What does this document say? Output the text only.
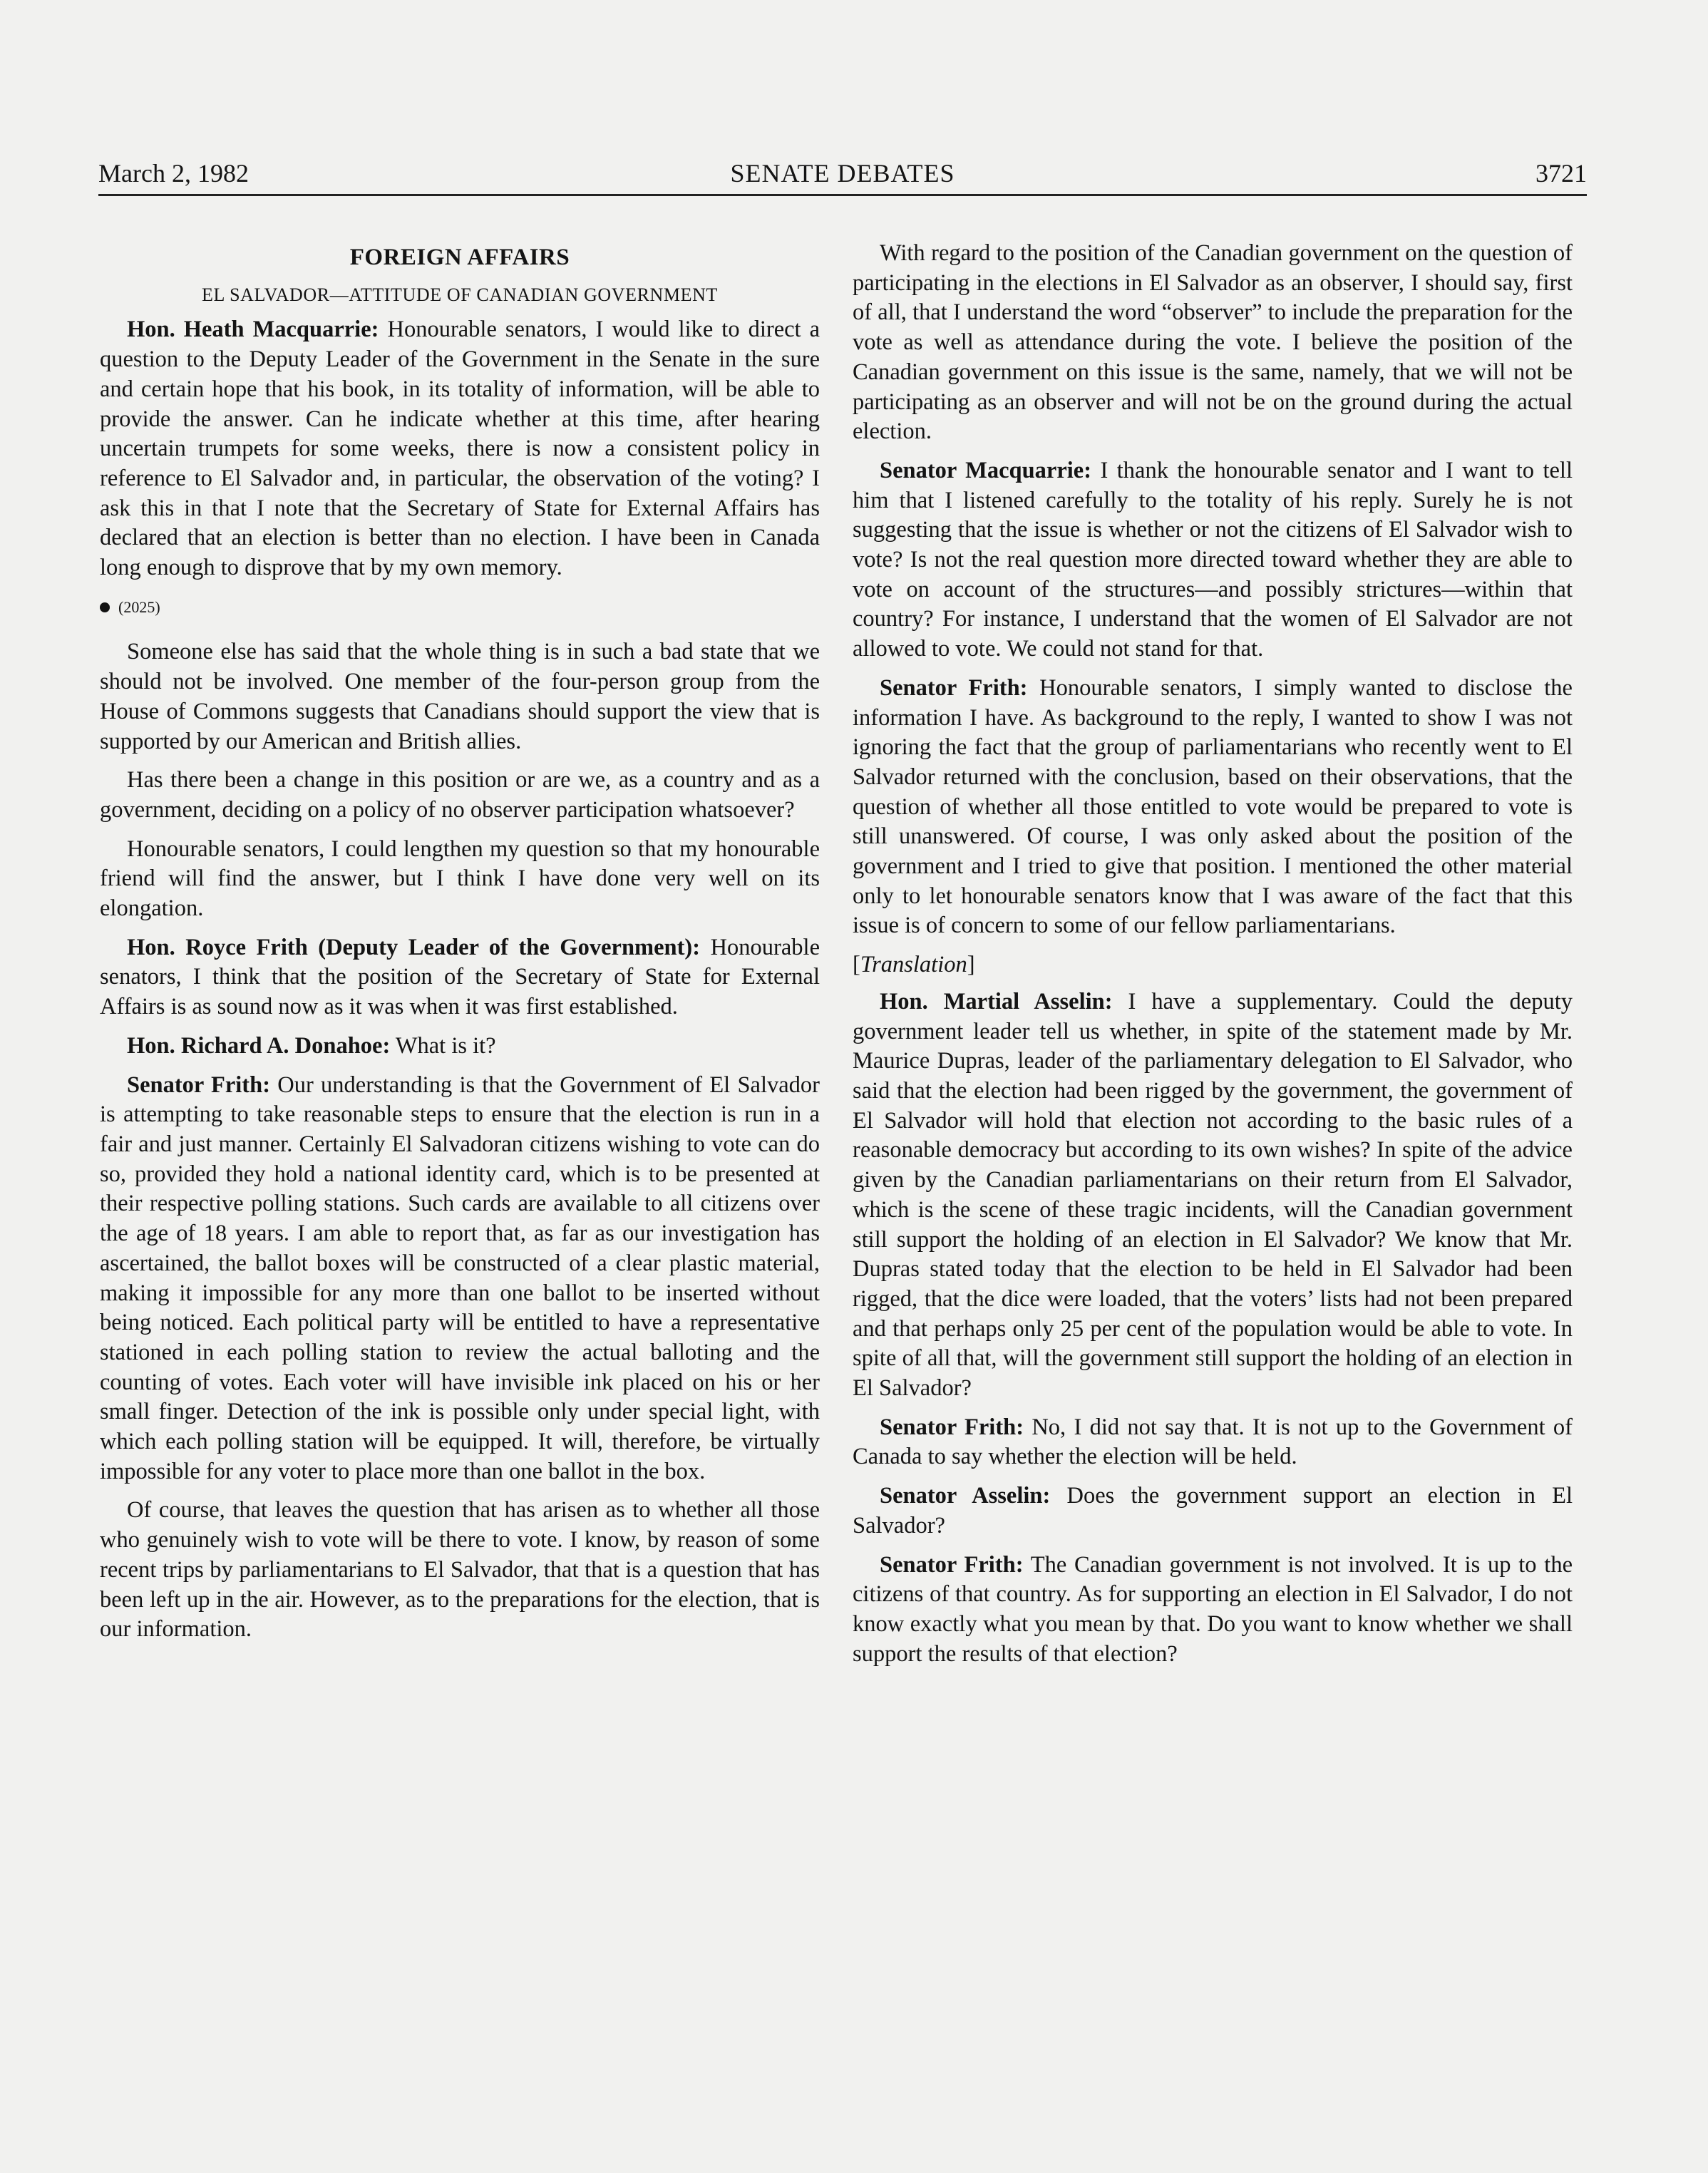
March 2, 1982	SENATE DEBATES	3721
FOREIGN AFFAIRS
EL SALVADOR—ATTITUDE OF CANADIAN GOVERNMENT

Hon. Heath Macquarrie: Honourable senators, I would like to direct a question to the Deputy Leader of the Government in the Senate in the sure and certain hope that his book, in its totality of information, will be able to provide the answer. Can he indicate whether at this time, after hearing uncertain trumpets for some weeks, there is now a consistent policy in reference to El Salvador and, in particular, the observation of the voting? I ask this in that I note that the Secretary of State for External Affairs has declared that an election is better than no election. I have been in Canada long enough to disprove that by my own memory.

(2025)

Someone else has said that the whole thing is in such a bad state that we should not be involved. One member of the four-person group from the House of Commons suggests that Canadians should support the view that is supported by our American and British allies.

Has there been a change in this position or are we, as a country and as a government, deciding on a policy of no observer participation whatsoever?

Honourable senators, I could lengthen my question so that my honourable friend will find the answer, but I think I have done very well on its elongation.

Hon. Royce Frith (Deputy Leader of the Government): Honourable senators, I think that the position of the Secretary of State for External Affairs is as sound now as it was when it was first established.

Hon. Richard A. Donahoe: What is it?

Senator Frith: Our understanding is that the Government of El Salvador is attempting to take reasonable steps to ensure that the election is run in a fair and just manner. Certainly El Salvadoran citizens wishing to vote can do so, provided they hold a national identity card, which is to be presented at their respective polling stations. Such cards are available to all citizens over the age of 18 years. I am able to report that, as far as our investigation has ascertained, the ballot boxes will be constructed of a clear plastic material, making it impossible for any more than one ballot to be inserted without being noticed. Each political party will be entitled to have a representative stationed in each polling station to review the actual balloting and the counting of votes. Each voter will have invisible ink placed on his or her small finger. Detection of the ink is possible only under special light, with which each polling station will be equipped. It will, therefore, be virtually impossible for any voter to place more than one ballot in the box.

Of course, that leaves the question that has arisen as to whether all those who genuinely wish to vote will be there to vote. I know, by reason of some recent trips by parliamentarians to El Salvador, that that is a question that has been left up in the air. However, as to the preparations for the election, that is our information.

With regard to the position of the Canadian government on the question of participating in the elections in El Salvador as an observer, I should say, first of all, that I understand the word “observer” to include the preparation for the vote as well as attendance during the vote. I believe the position of the Canadian government on this issue is the same, namely, that we will not be participating as an observer and will not be on the ground during the actual election.

Senator Macquarrie: I thank the honourable senator and I want to tell him that I listened carefully to the totality of his reply. Surely he is not suggesting that the issue is whether or not the citizens of El Salvador wish to vote? Is not the real question more directed toward whether they are able to vote on account of the structures—and possibly strictures—within that country? For instance, I understand that the women of El Salvador are not allowed to vote. We could not stand for that.

Senator Frith: Honourable senators, I simply wanted to disclose the information I have. As background to the reply, I wanted to show I was not ignoring the fact that the group of parliamentarians who recently went to El Salvador returned with the conclusion, based on their observations, that the question of whether all those entitled to vote would be prepared to vote is still unanswered. Of course, I was only asked about the position of the government and I tried to give that position. I mentioned the other material only to let honourable senators know that I was aware of the fact that this issue is of concern to some of our fellow parliamentarians.

[Translation]

Hon. Martial Asselin: I have a supplementary. Could the deputy government leader tell us whether, in spite of the statement made by Mr. Maurice Dupras, leader of the parliamentary delegation to El Salvador, who said that the election had been rigged by the government, the government of El Salvador will hold that election not according to the basic rules of a reasonable democracy but according to its own wishes? In spite of the advice given by the Canadian parliamentarians on their return from El Salvador, which is the scene of these tragic incidents, will the Canadian government still support the holding of an election in El Salvador? We know that Mr. Dupras stated today that the election to be held in El Salvador had been rigged, that the dice were loaded, that the voters’ lists had not been prepared and that perhaps only 25 per cent of the population would be able to vote. In spite of all that, will the government still support the holding of an election in El Salvador?

Senator Frith: No, I did not say that. It is not up to the Government of Canada to say whether the election will be held.

Senator Asselin: Does the government support an election in El Salvador?

Senator Frith: The Canadian government is not involved. It is up to the citizens of that country. As for supporting an election in El Salvador, I do not know exactly what you mean by that. Do you want to know whether we shall support the results of that election?
